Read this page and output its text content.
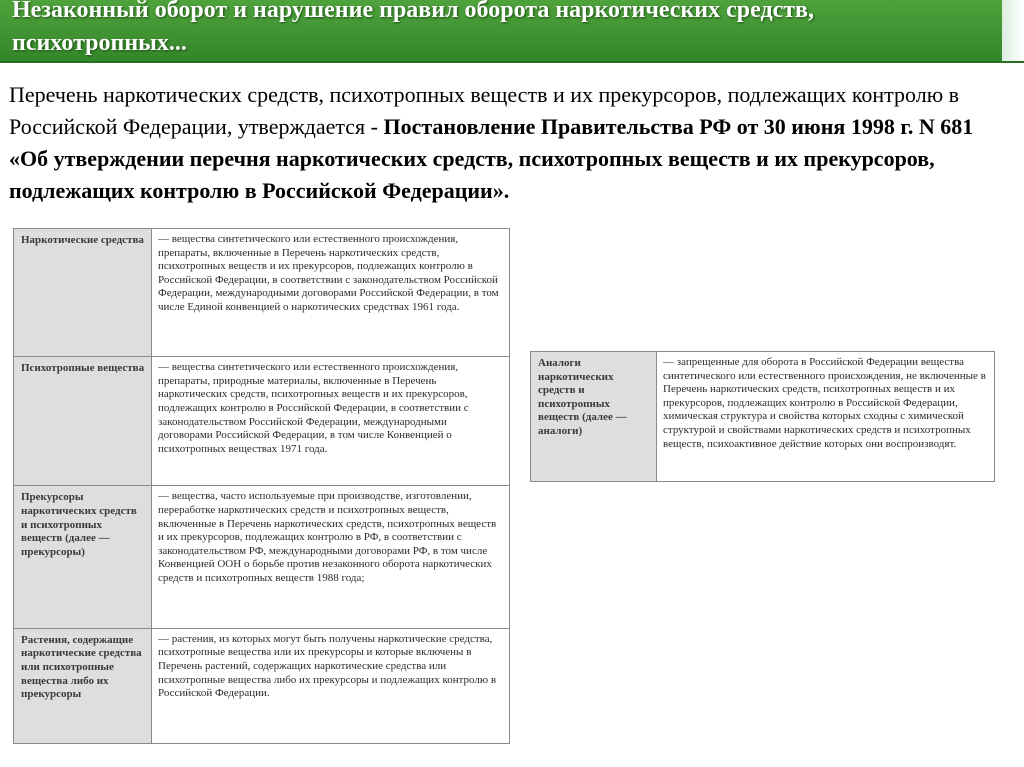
Незаконный оборот и нарушение правил оборота наркотических средств, психотропных...
Перечень наркотических средств, психотропных веществ и их прекурсоров, подлежащих контролю в Российской Федерации, утверждается - Постановление Правительства РФ от 30 июня 1998 г. N 681 «Об утверждении перечня наркотических средств, психотропных веществ и их прекурсоров, подлежащих контролю в Российской Федерации».
Наркотические средства	— вещества синтетического или естественного происхождения, препараты, включенные в Перечень наркотических средств, психотропных веществ и их прекурсоров, подлежащих контролю в Российской Федерации, в соответствии с законодательством Российской Федерации, международными договорами Российской Федерации, в том числе Единой конвенцией о наркотических средствах 1961 года.
Психотропные вещества	— вещества синтетического или естественного происхождения, препараты, природные материалы, включенные в Перечень наркотических средств, психотропных веществ и их прекурсоров, подлежащих контролю в Российской Федерации, в соответствии с законодательством Российской Федерации, международными договорами Российской Федерации, в том числе Конвенцией о психотропных веществах 1971 года.
Прекурсоры наркотических средств и психотропных веществ (далее — прекурсоры)	— вещества, часто используемые при производстве, изготовлении, переработке наркотических средств и психотропных веществ, включенные в Перечень наркотических средств, психотропных веществ и их прекурсоров, подлежащих контролю в РФ, в соответствии с законодательством РФ, международными договорами РФ, в том числе Конвенцией ООН о борьбе против незаконного оборота наркотических средств и психотропных веществ 1988 года;
Растения, содержащие наркотические средства или психотропные вещества либо их прекурсоры	— растения, из которых могут быть получены наркотические средства, психотропные вещества или их прекурсоры и которые включены в Перечень растений, содержащих наркотические средства или психотропные вещества либо их прекурсоры и подлежащих контролю в Российской Федерации.
Аналоги наркотических средств и психотропных веществ (далее — аналоги)	— запрещенные для оборота в Российской Федерации вещества синтетического или естественного происхождения, не включенные в Перечень наркотических средств, психотропных веществ и их прекурсоров, подлежащих контролю в Российской Федерации, химическая структура и свойства которых сходны с химической структурой и свойствами наркотических средств и психотропных веществ, психоактивное действие которых они воспроизводят.
